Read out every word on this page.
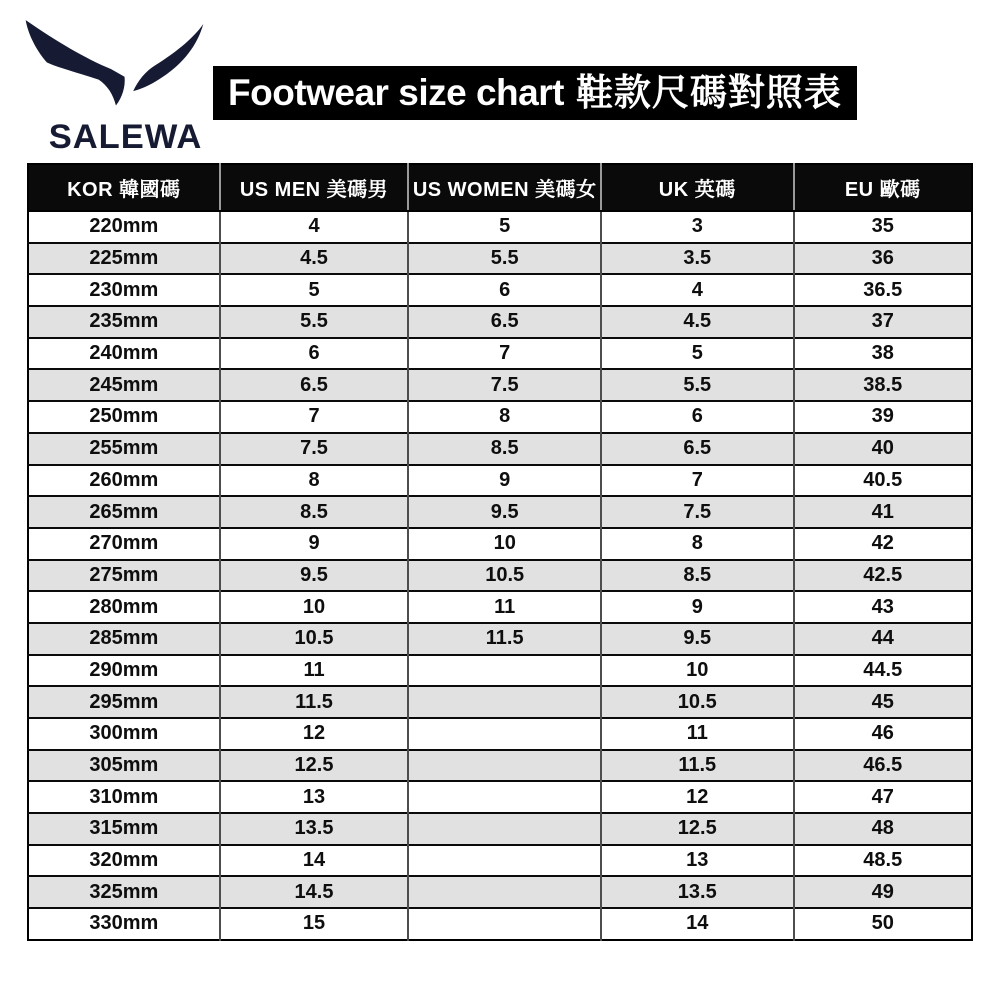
SALEWA
Footwear size chart 鞋款尺碼對照表
KOR 韓國碼	US MEN 美碼男	US WOMEN 美碼女	UK 英碼	EU 歐碼
220mm	4	5	3	35
225mm	4.5	5.5	3.5	36
230mm	5	6	4	36.5
235mm	5.5	6.5	4.5	37
240mm	6	7	5	38
245mm	6.5	7.5	5.5	38.5
250mm	7	8	6	39
255mm	7.5	8.5	6.5	40
260mm	8	9	7	40.5
265mm	8.5	9.5	7.5	41
270mm	9	10	8	42
275mm	9.5	10.5	8.5	42.5
280mm	10	11	9	43
285mm	10.5	11.5	9.5	44
290mm	11		10	44.5
295mm	11.5		10.5	45
300mm	12		11	46
305mm	12.5		11.5	46.5
310mm	13		12	47
315mm	13.5		12.5	48
320mm	14		13	48.5
325mm	14.5		13.5	49
330mm	15		14	50
